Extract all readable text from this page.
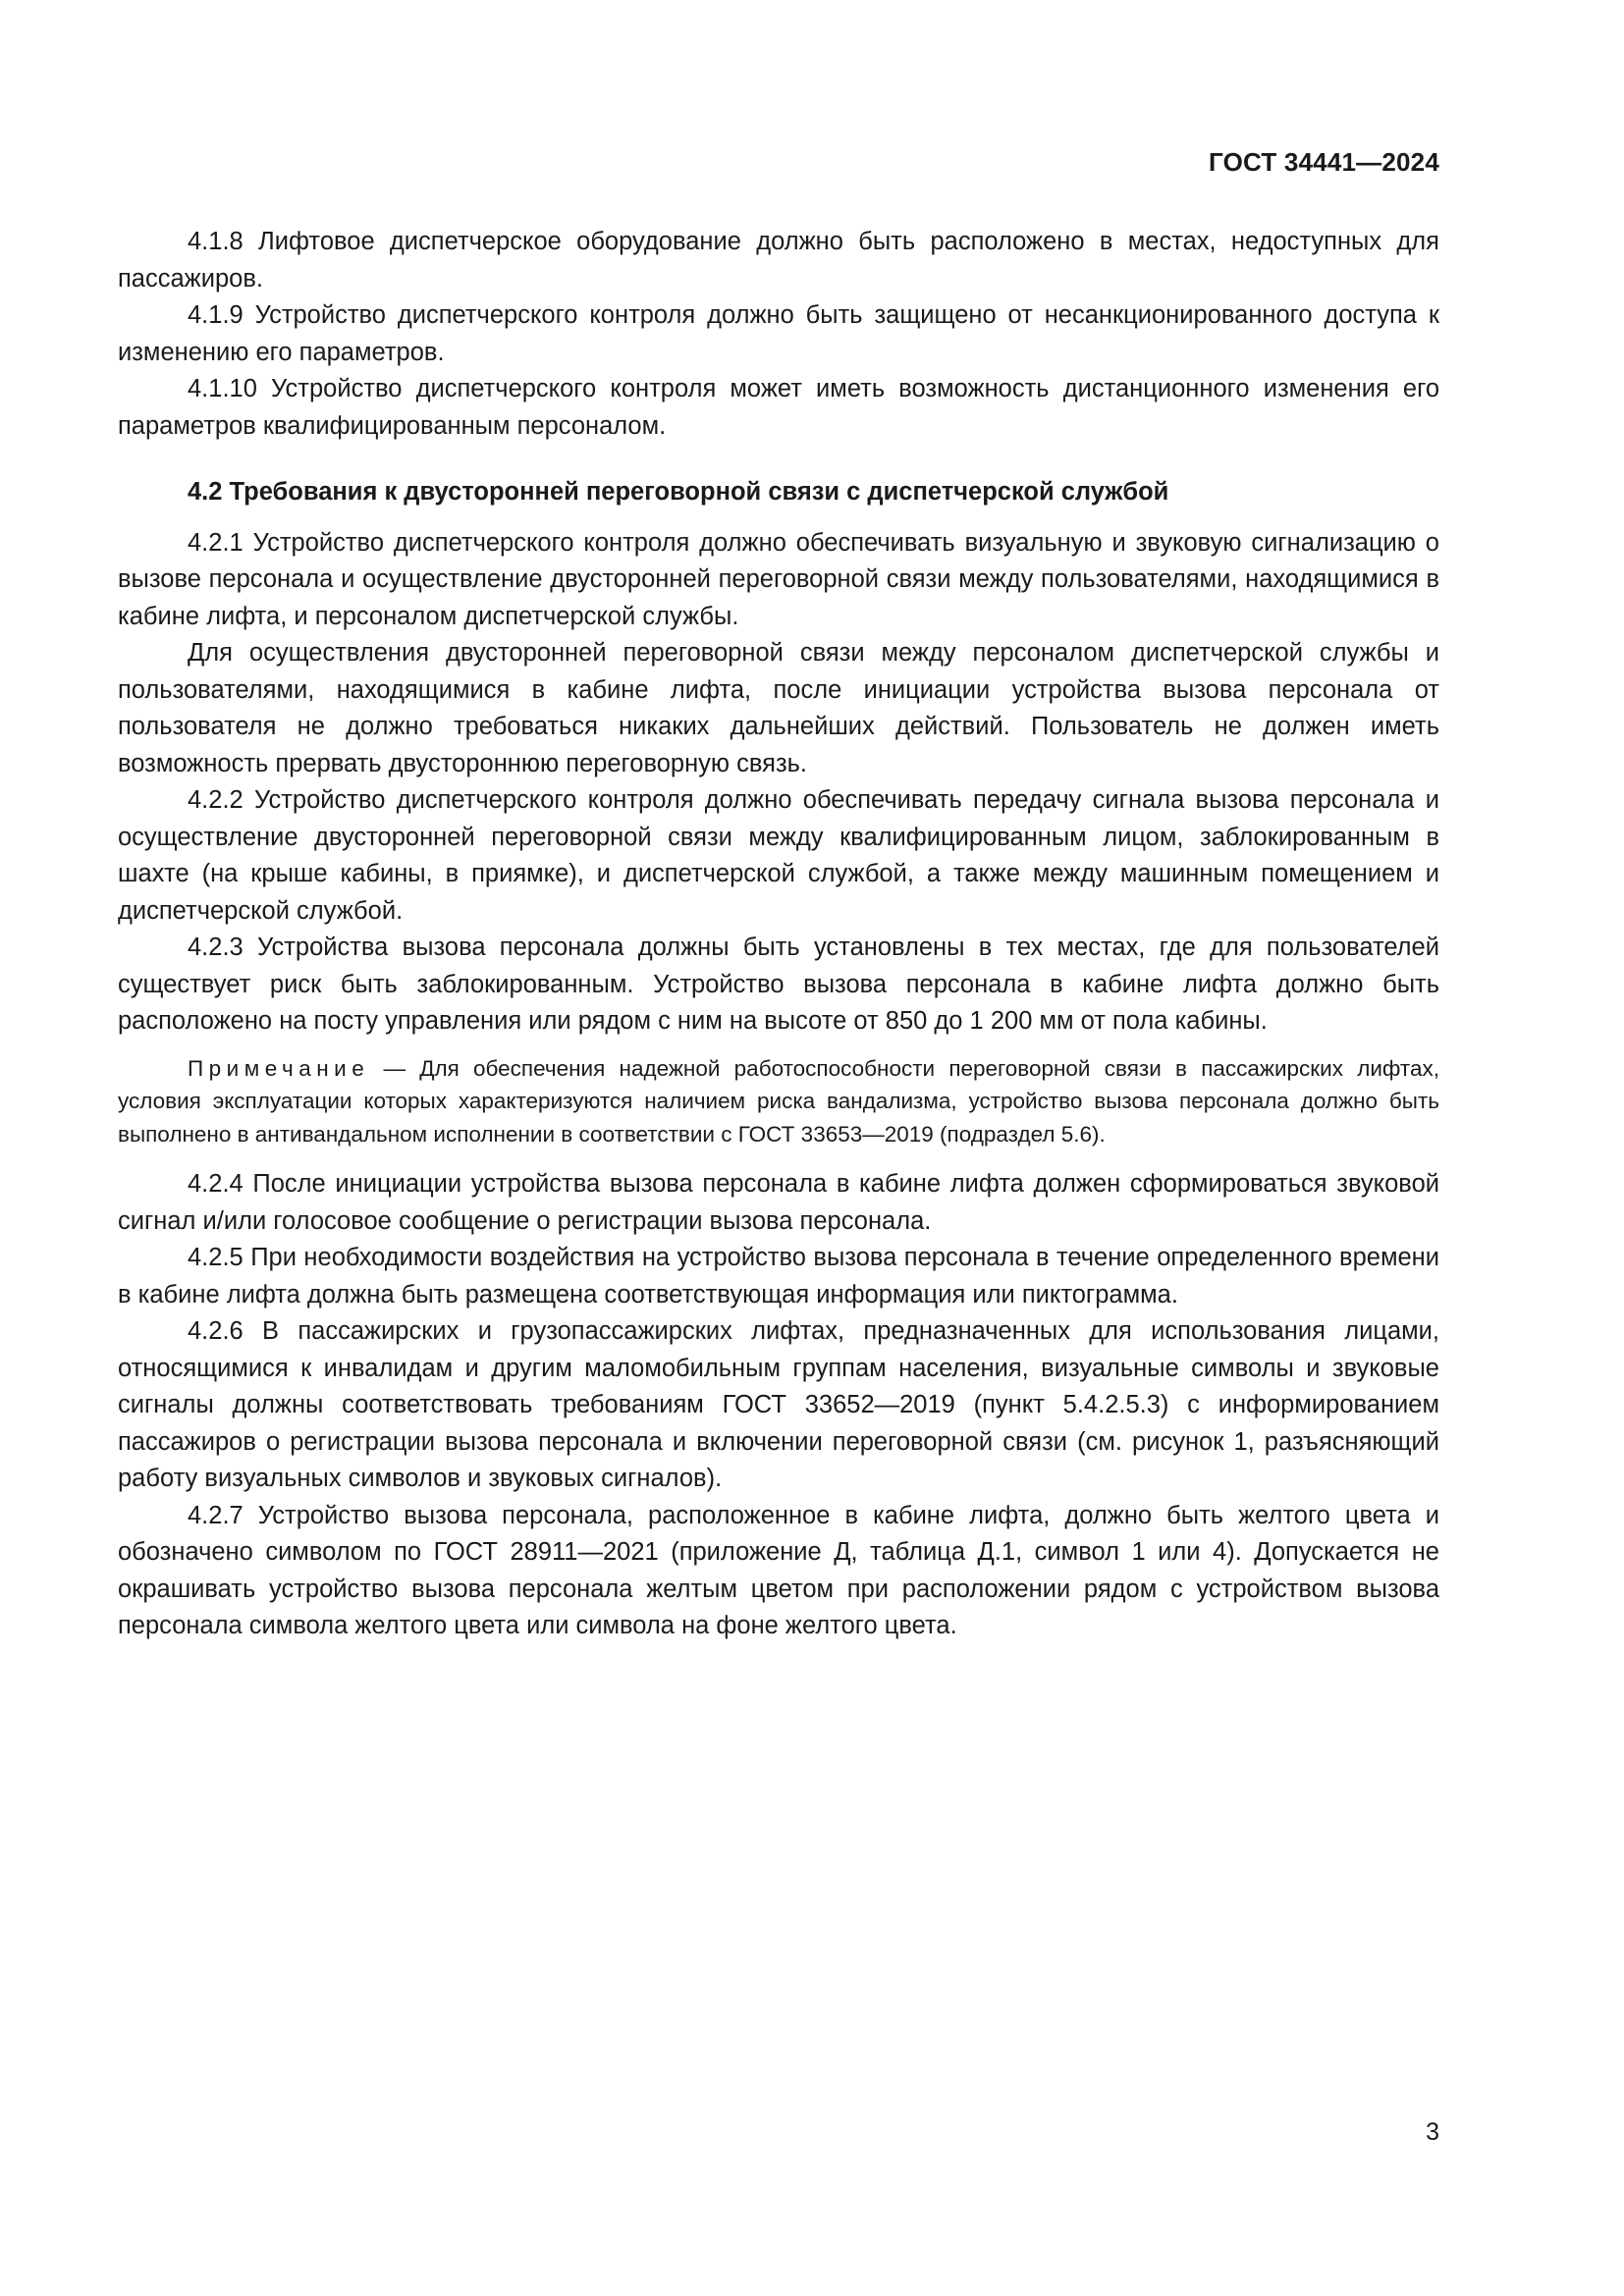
ГОСТ 34441—2024

4.1.8 Лифтовое диспетчерское оборудование должно быть расположено в местах, недоступных для пассажиров.

4.1.9 Устройство диспетчерского контроля должно быть защищено от несанкционированного доступа к изменению его параметров.

4.1.10 Устройство диспетчерского контроля может иметь возможность дистанционного изменения его параметров квалифицированным персоналом.

4.2 Требования к двусторонней переговорной связи с диспетчерской службой

4.2.1 Устройство диспетчерского контроля должно обеспечивать визуальную и звуковую сигнализацию о вызове персонала и осуществление двусторонней переговорной связи между пользователями, находящимися в кабине лифта, и персоналом диспетчерской службы.

Для осуществления двусторонней переговорной связи между персоналом диспетчерской службы и пользователями, находящимися в кабине лифта, после инициации устройства вызова персонала от пользователя не должно требоваться никаких дальнейших действий. Пользователь не должен иметь возможность прервать двустороннюю переговорную связь.

4.2.2 Устройство диспетчерского контроля должно обеспечивать передачу сигнала вызова персонала и осуществление двусторонней переговорной связи между квалифицированным лицом, заблокированным в шахте (на крыше кабины, в приямке), и диспетчерской службой, а также между машинным помещением и диспетчерской службой.

4.2.3 Устройства вызова персонала должны быть установлены в тех местах, где для пользователей существует риск быть заблокированным. Устройство вызова персонала в кабине лифта должно быть расположено на посту управления или рядом с ним на высоте от 850 до 1 200 мм от пола кабины.

Примечание — Для обеспечения надежной работоспособности переговорной связи в пассажирских лифтах, условия эксплуатации которых характеризуются наличием риска вандализма, устройство вызова персонала должно быть выполнено в антивандальном исполнении в соответствии с ГОСТ 33653—2019 (подраздел 5.6).

4.2.4 После инициации устройства вызова персонала в кабине лифта должен сформироваться звуковой сигнал и/или голосовое сообщение о регистрации вызова персонала.

4.2.5 При необходимости воздействия на устройство вызова персонала в течение определенного времени в кабине лифта должна быть размещена соответствующая информация или пиктограмма.

4.2.6 В пассажирских и грузопассажирских лифтах, предназначенных для использования лицами, относящимися к инвалидам и другим маломобильным группам населения, визуальные символы и звуковые сигналы должны соответствовать требованиям ГОСТ 33652—2019 (пункт 5.4.2.5.3) с информированием пассажиров о регистрации вызова персонала и включении переговорной связи (см. рисунок 1, разъясняющий работу визуальных символов и звуковых сигналов).

4.2.7 Устройство вызова персонала, расположенное в кабине лифта, должно быть желтого цвета и обозначено символом по ГОСТ 28911—2021 (приложение Д, таблица Д.1, символ 1 или 4). Допускается не окрашивать устройство вызова персонала желтым цветом при расположении рядом с устройством вызова персонала символа желтого цвета или символа на фоне желтого цвета.

3
